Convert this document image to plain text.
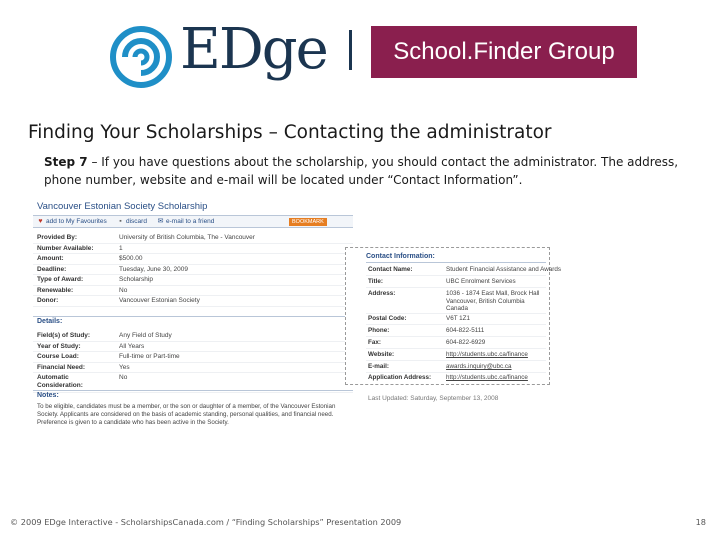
EDge	School.Finder Group
Finding Your Scholarships – Contacting the administrator
Step 7 – If you have questions about the scholarship, you should contact the administrator. The address, phone number, website and e-mail will be located under “Contact Information”.
Vancouver Estonian Society Scholarship
♥ add to My Favourites	▪ discard ✉ e-mail to a friend	BOOKMARK
Provided By:	University of British Columbia, The - Vancouver
Number Available:	1
Amount:	$500.00
Deadline:	Tuesday, June 30, 2009
Type of Award:	Scholarship
Renewable:	No
Donor:	Vancouver Estonian Society
Details:
Field(s) of Study:	Any Field of Study
Year of Study:	All Years
Course Load:	Full-time or Part-time
Financial Need:	Yes
Automatic Consideration:
No
Notes:
To be eligible, candidates must be a member, or the son or daughter of a member, of the Vancouver Estonian Society. Applicants are considered on the basis of academic standing, personal qualities, and financial need. Preference is given to a candidate who has been active in the Society.
Contact Information:
Contact Name:	Student Financial Assistance and Awards
Title:	UBC Enrolment Services
Address:	1036 - 1874 East Mall, Brock Hall Vancouver, British Columbia Canada
Postal Code:	V6T 1Z1
Phone:	604-822-5111
Fax:	604-822-6929
Website:	http://students.ubc.ca/finance
E-mail:	awards.inquiry@ubc.ca
Application Address: http://students.ubc.ca/finance
Last Updated: Saturday, September 13, 2008
© 2009 EDge Interactive - ScholarshipsCanada.com / “Finding Scholarships” Presentation 2009	18
